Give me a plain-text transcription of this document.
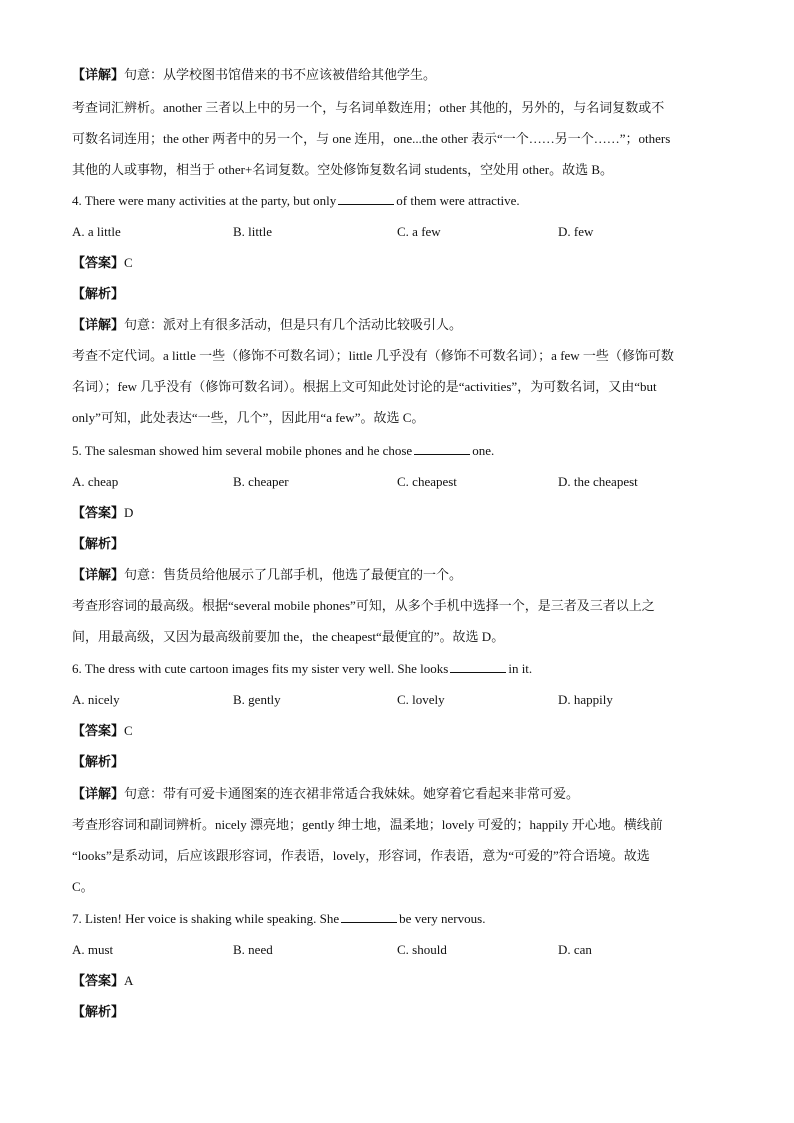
【详解】句意：从学校图书馆借来的书不应该被借给其他学生。
考查词汇辨析。another 三者以上中的另一个，与名词单数连用；other 其他的，另外的，与名词复数或不
可数名词连用；the other 两者中的另一个，与 one 连用，one...the other 表示“一个……另一个……”；others
其他的人或事物，相当于 other+名词复数。空处修饰复数名词 students，空处用 other。故选 B。
4. There were many activities at the party, but only	of them were attractive.
A. a little	B. little	C. a few	D. few
【答案】C
【解析】
【详解】句意：派对上有很多活动，但是只有几个活动比较吸引人。
考查不定代词。a little 一些（修饰不可数名词）；little 几乎没有（修饰不可数名词）；a few 一些（修饰可数
名词）；few 几乎没有（修饰可数名词）。根据上文可知此处讨论的是“activities”，为可数名词，又由“but
only”可知，此处表达“一些，几个”，因此用“a few”。故选 C。
5. The salesman showed him several mobile phones and he chose	one.
A. cheap	B. cheaper	C. cheapest	D. the cheapest
【答案】D
【解析】
【详解】句意：售货员给他展示了几部手机，他选了最便宜的一个。
考查形容词的最高级。根据“several mobile phones”可知，从多个手机中选择一个，是三者及三者以上之
间，用最高级，又因为最高级前要加 the，the cheapest“最便宜的”。故选 D。
6. The dress with cute cartoon images fits my sister very well. She looks	in it.
A. nicely	B. gently	C. lovely	D. happily
【答案】C
【解析】
【详解】句意：带有可爱卡通图案的连衣裙非常适合我妹妹。她穿着它看起来非常可爱。
考查形容词和副词辨析。nicely 漂亮地；gently 绅士地，温柔地；lovely 可爱的；happily 开心地。横线前
“looks”是系动词，后应该跟形容词，作表语，lovely，形容词，作表语，意为“可爱的”符合语境。故选
C。
7. Listen! Her voice is shaking while speaking. She	be very nervous.
A. must	B. need	C. should	D. can
【答案】A
【解析】
